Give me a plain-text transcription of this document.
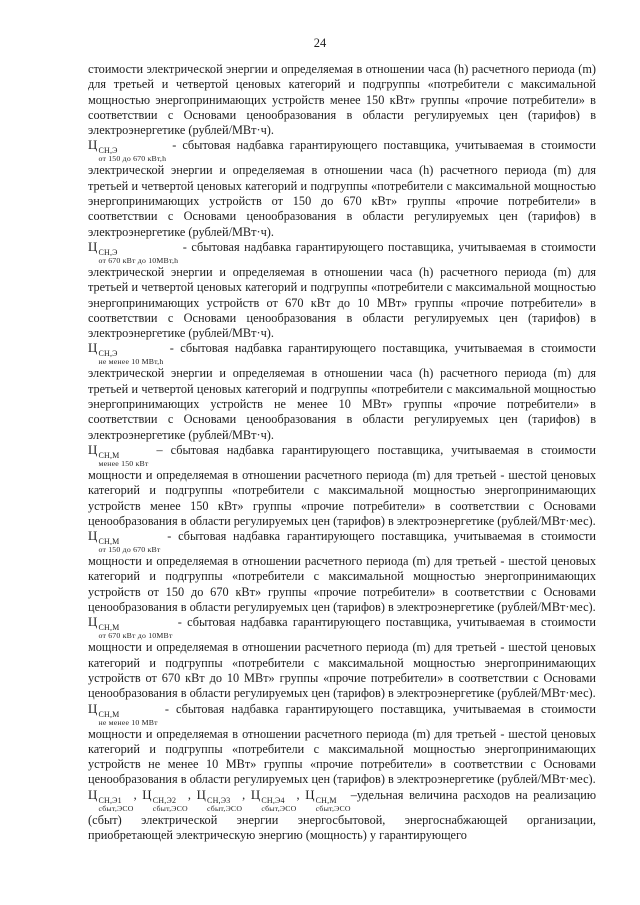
24

стоимости электрической энергии и определяемая в отношении часа (h) расчетного периода (m) для третьей и четвертой ценовых категорий и подгруппы «потребители с максимальной мощностью энергопринимающих устройств менее 150 кВт» группы «прочие потребители» в соответствии с Основами ценообразования в области регулируемых цен (тарифов) в электроэнергетике (рублей/МВт·ч).

Ц СН,Э
от 150 до 670 кВт,h
- сбытовая надбавка гарантирующего поставщика, учитываемая в стоимости электрической энергии и определяемая в отношении часа (h) расчетного периода (m) для третьей и четвертой ценовых категорий и подгруппы «потребители с максимальной мощностью энергопринимающих устройств от 150 до 670 кВт» группы «прочие потребители» в соответствии с Основами ценообразования в области регулируемых цен (тарифов) в электроэнергетике (рублей/МВт·ч).

Ц СН,Э
от 670 кВт до 10МВт,h
- сбытовая надбавка гарантирующего поставщика, учитываемая в стоимости электрической энергии и определяемая в отношении часа (h) расчетного периода (m) для третьей и четвертой ценовых категорий и подгруппы «потребители с максимальной мощностью энергопринимающих устройств от 670 кВт до 10 МВт» группы «прочие потребители» в соответствии с Основами ценообразования в области регулируемых цен (тарифов) в электроэнергетике (рублей/МВт·ч).

Ц СН,Э
не менее 10 МВт,h
- сбытовая надбавка гарантирующего поставщика, учитываемая в стоимости электрической энергии и определяемая в отношении часа (h) расчетного периода (m) для третьей и четвертой ценовых категорий и подгруппы «потребители с максимальной мощностью энергопринимающих устройств не менее 10 МВт» группы «прочие потребители» в соответствии с Основами ценообразования в области регулируемых цен (тарифов) в электроэнергетике (рублей/МВт·ч).

Ц СН,М
менее 150 кВт
– сбытовая надбавка гарантирующего поставщика, учитываемая в стоимости мощности и определяемая в отношении расчетного периода (m) для третьей - шестой ценовых категорий и подгруппы «потребители с максимальной мощностью энергопринимающих устройств менее 150 кВт» группы «прочие потребители» в соответствии с Основами ценообразования в области регулируемых цен (тарифов) в электроэнергетике (рублей/МВт·мес).

Ц СН,М
от 150 до 670 кВт
- сбытовая надбавка гарантирующего поставщика, учитываемая в стоимости мощности и определяемая в отношении расчетного периода (m) для третьей - шестой ценовых категорий и подгруппы «потребители с максимальной мощностью энергопринимающих устройств от 150 до 670 кВт» группы «прочие потребители» в соответствии с Основами ценообразования в области регулируемых цен (тарифов) в электроэнергетике (рублей/МВт·мес).

Ц СН,М
от 670 кВт до 10МВт
- сбытовая надбавка гарантирующего поставщика, учитываемая в стоимости мощности и определяемая в отношении расчетного периода (m) для третьей - шестой ценовых категорий и подгруппы «потребители с максимальной мощностью энергопринимающих устройств от 670 кВт до 10 МВт» группы «прочие потребители» в соответствии с Основами ценообразования в области регулируемых цен (тарифов) в электроэнергетике (рублей/МВт·мес).

Ц СН,М
не менее 10 МВт
- сбытовая надбавка гарантирующего поставщика, учитываемая в стоимости мощности и определяемая в отношении расчетного периода (m) для третьей - шестой ценовых категорий и подгруппы «потребители с максимальной мощностью энергопринимающих устройств не менее 10 МВт» группы «прочие потребители» в соответствии с Основами ценообразования в области регулируемых цен (тарифов) в электроэнергетике (рублей/МВт·мес).

Ц СН,Э1
сбыт,ЭСО
, Ц СН,Э2
сбыт,ЭСО
, Ц СН,Э3
сбыт,ЭСО
, Ц СН,Э4
сбыт,ЭСО
, Ц СН,М
сбыт,ЭСО
–удельная величина расходов на реализацию (сбыт) электрической энергии энергосбытовой, энергоснабжающей организации, приобретающей электрическую энергию (мощность) у гарантирующего
